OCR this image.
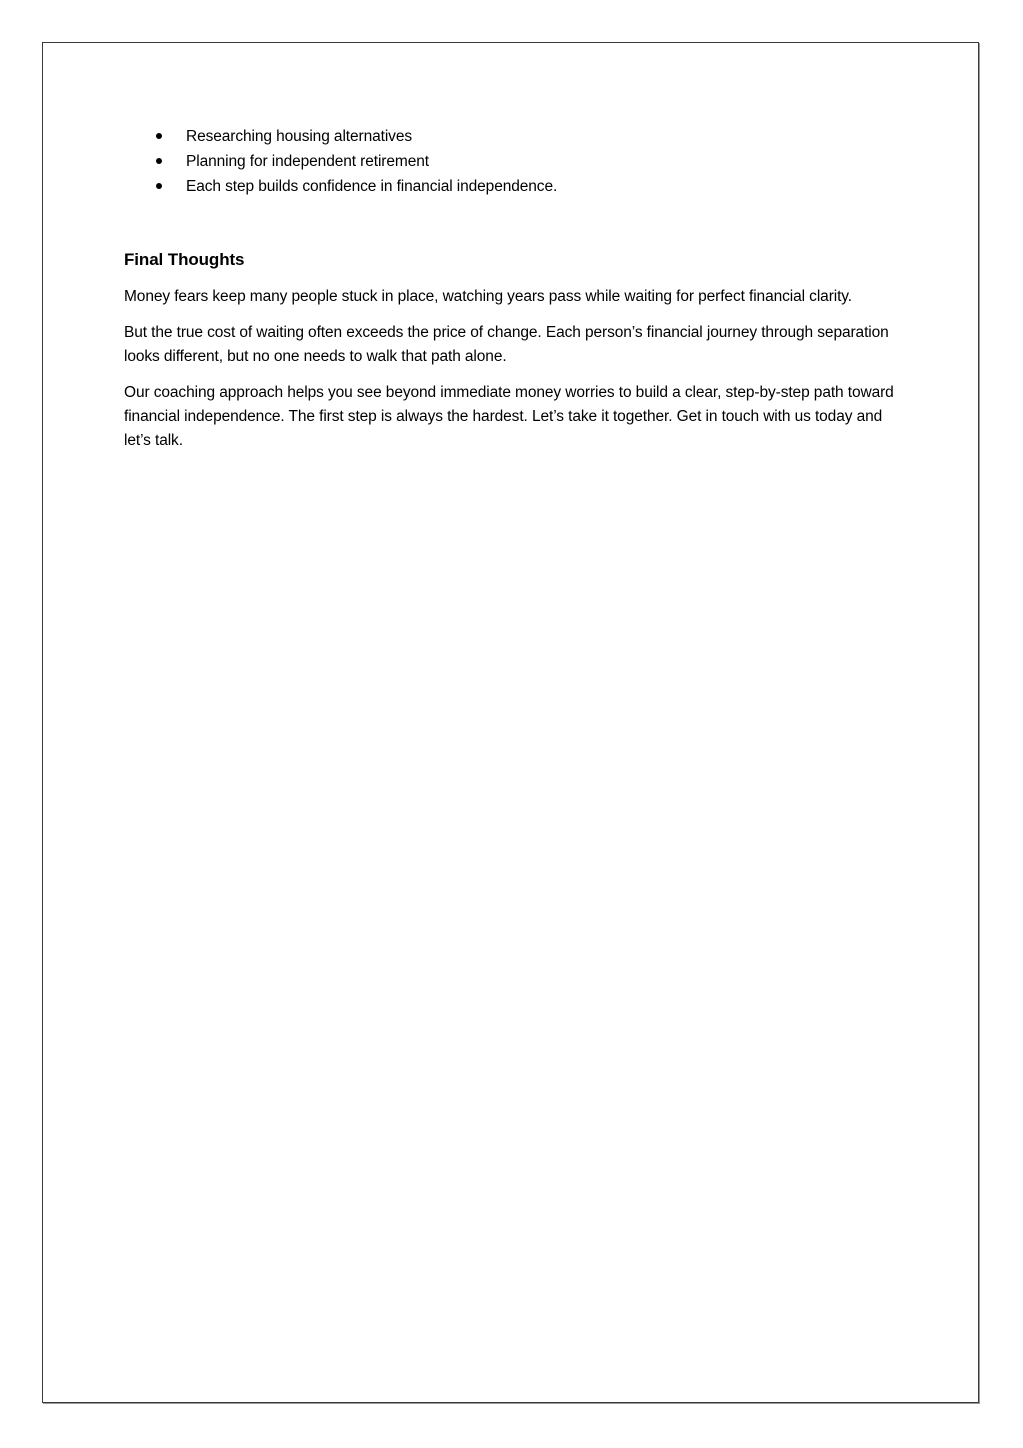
Researching housing alternatives
Planning for independent retirement
Each step builds confidence in financial independence.
Final Thoughts

Money fears keep many people stuck in place, watching years pass while waiting for perfect financial clarity.

But the true cost of waiting often exceeds the price of change. Each person’s financial journey through separation looks different, but no one needs to walk that path alone.

Our coaching approach helps you see beyond immediate money worries to build a clear, step-by-step path toward financial independence. The first step is always the hardest. Let’s take it together. Get in touch with us today and let’s talk.
